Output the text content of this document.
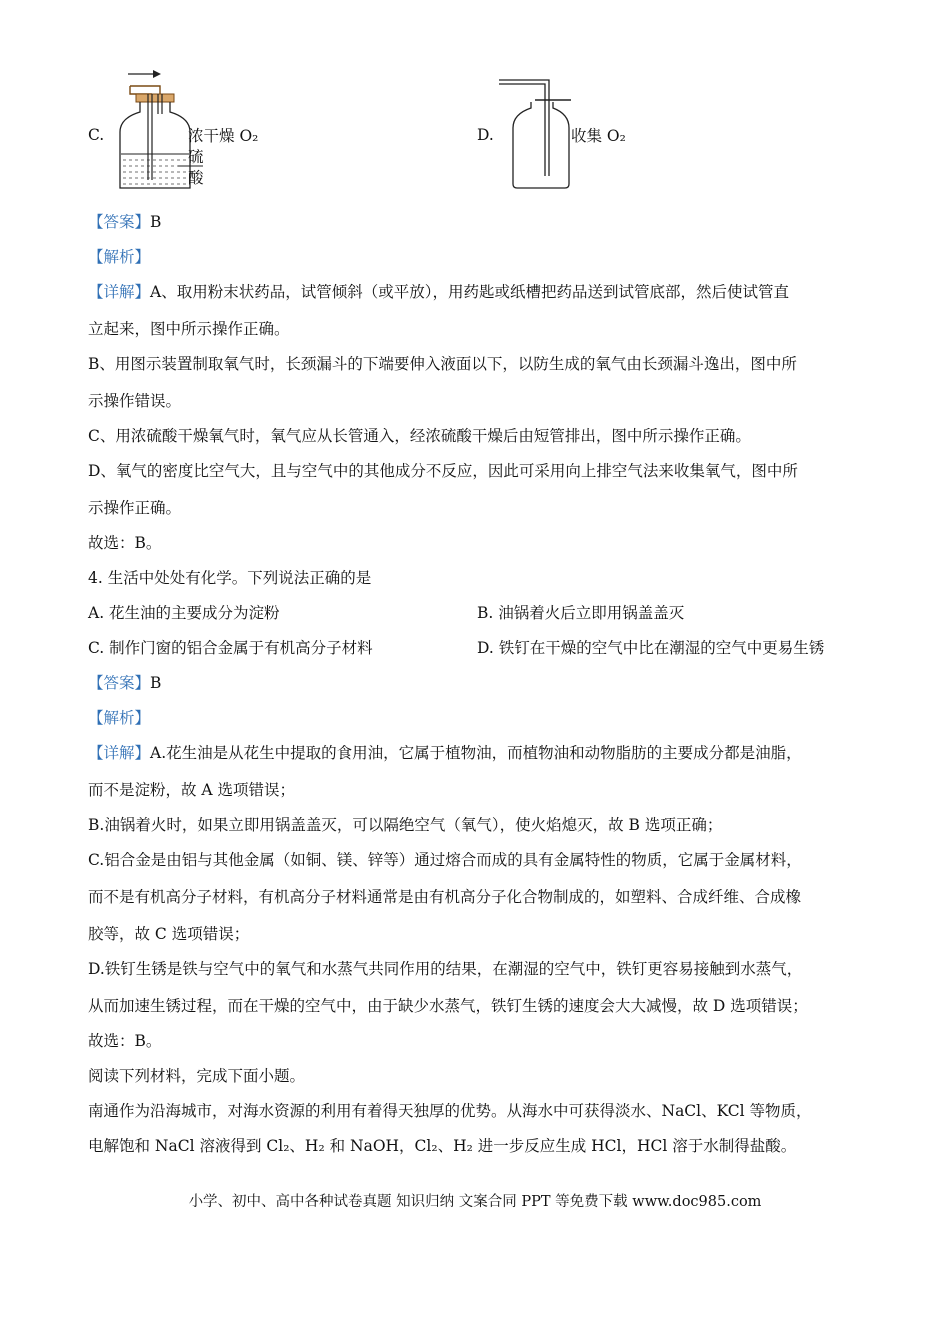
C.	浓干燥 O₂
硫
酸
D.	收集 O₂
【答案】B
【解析】
【详解】A、取用粉末状药品，试管倾斜（或平放），用药匙或纸槽把药品送到试管底部，然后使试管直
立起来，图中所示操作正确。
B、用图示装置制取氧气时，长颈漏斗的下端要伸入液面以下，以防生成的氧气由长颈漏斗逸出，图中所
示操作错误。
C、用浓硫酸干燥氧气时，氧气应从长管通入，经浓硫酸干燥后由短管排出，图中所示操作正确。
D、氧气的密度比空气大，且与空气中的其他成分不反应，因此可采用向上排空气法来收集氧气，图中所
示操作正确。
故选：B。
4. 生活中处处有化学。下列说法正确的是
A. 花生油的主要成分为淀粉	B. 油锅着火后立即用锅盖盖灭
C. 制作门窗的铝合金属于有机高分子材料	D. 铁钉在干燥的空气中比在潮湿的空气中更易生锈
【答案】B
【解析】
【详解】A.花生油是从花生中提取的食用油，它属于植物油，而植物油和动物脂肪的主要成分都是油脂，
而不是淀粉，故 A 选项错误；
B.油锅着火时，如果立即用锅盖盖灭，可以隔绝空气（氧气），使火焰熄灭，故 B 选项正确；
C.铝合金是由铝与其他金属（如铜、镁、锌等）通过熔合而成的具有金属特性的物质，它属于金属材料，
而不是有机高分子材料，有机高分子材料通常是由有机高分子化合物制成的，如塑料、合成纤维、合成橡
胶等，故 C 选项错误；
D.铁钉生锈是铁与空气中的氧气和水蒸气共同作用的结果，在潮湿的空气中，铁钉更容易接触到水蒸气，
从而加速生锈过程，而在干燥的空气中，由于缺少水蒸气，铁钉生锈的速度会大大减慢，故 D 选项错误；
故选：B。
阅读下列材料，完成下面小题。
南通作为沿海城市，对海水资源的利用有着得天独厚的优势。从海水中可获得淡水、NaCl、KCl 等物质，
电解饱和 NaCl 溶液得到 Cl₂、H₂ 和 NaOH，Cl₂、H₂ 进一步反应生成 HCl，HCl 溶于水制得盐酸。
小学、初中、高中各种试卷真题 知识归纳 文案合同 PPT 等免费下载 www.doc985.com
